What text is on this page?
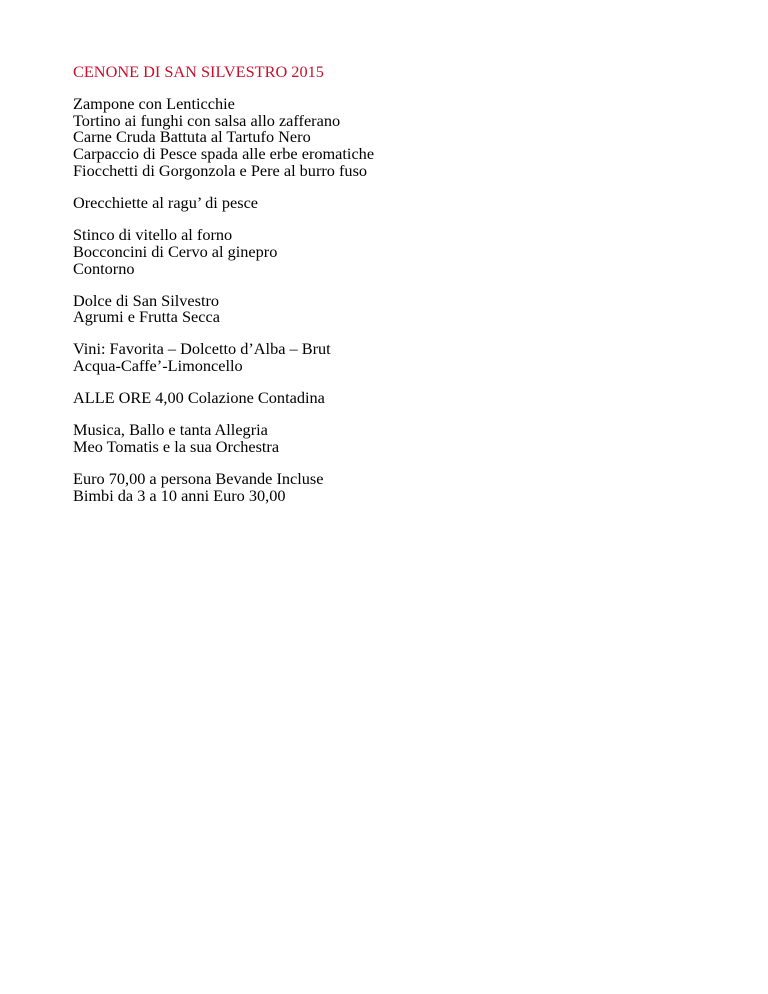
CENONE DI SAN SILVESTRO 2015
Zampone con Lenticchie
Tortino ai funghi con salsa allo zafferano
Carne Cruda Battuta al Tartufo Nero
Carpaccio di Pesce spada alle erbe eromatiche
Fiocchetti di Gorgonzola e Pere al burro fuso
Orecchiette al ragu’ di pesce
Stinco di vitello al forno
Bocconcini di Cervo al ginepro
Contorno
Dolce di San Silvestro
Agrumi e Frutta Secca
Vini: Favorita – Dolcetto d’Alba – Brut
Acqua-Caffe’-Limoncello
ALLE ORE 4,00 Colazione Contadina
Musica, Ballo e tanta Allegria
Meo Tomatis e la sua Orchestra
Euro 70,00 a persona Bevande Incluse
Bimbi da 3 a 10 anni Euro 30,00
